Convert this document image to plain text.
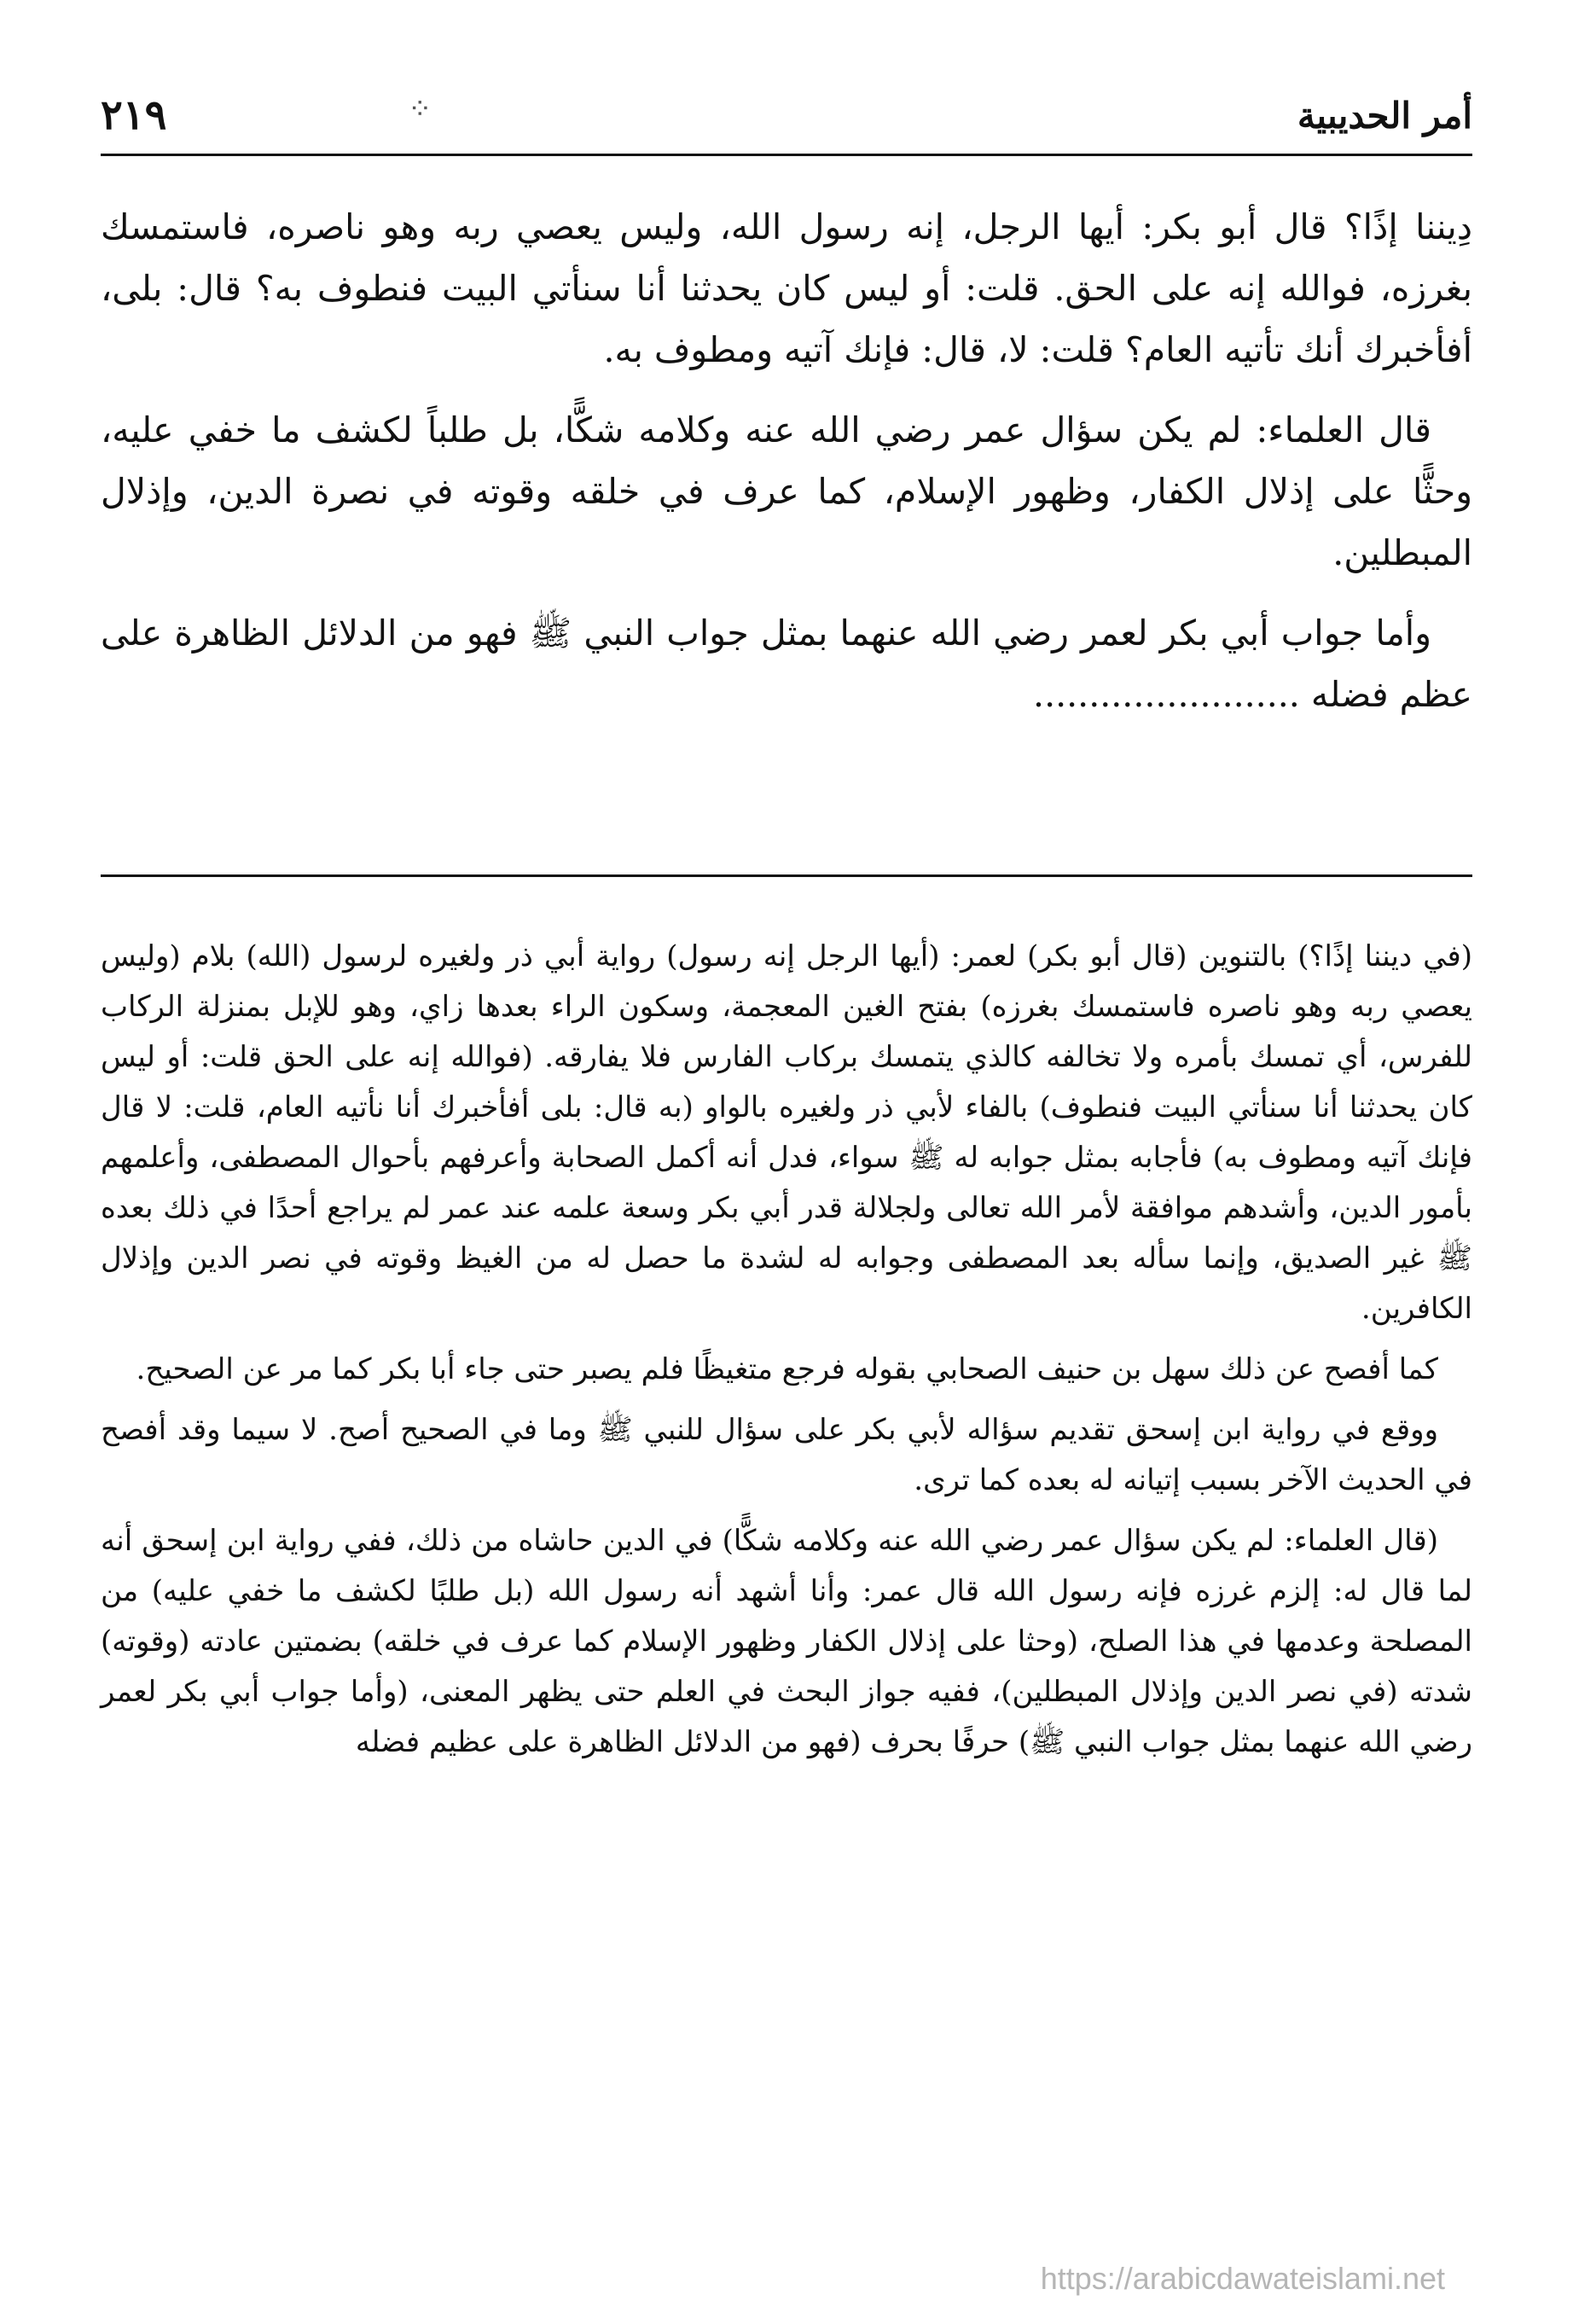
٢١٩	⁘	أمر الحديبية

دِيننا إذًا؟ قال أبو بكر: أيها الرجل، إنه رسول الله، وليس يعصي ربه وهو ناصره، فاستمسك بغرزه، فوالله إنه على الحق. قلت: أو ليس كان يحدثنا أنا سنأتي البيت فنطوف به؟ قال: بلى، أفأخبرك أنك تأتيه العام؟ قلت: لا، قال: فإنك آتيه ومطوف به.

قال العلماء: لم يكن سؤال عمر رضي الله عنه وكلامه شكًّا، بل طلباً لكشف ما خفي عليه، وحثًّا على إذلال الكفار، وظهور الإسلام، كما عرف في خلقه وقوته في نصرة الدين، وإذلال المبطلين.

وأما جواب أبي بكر لعمر رضي الله عنهما بمثل جواب النبي ﷺ فهو من الدلائل الظاهرة على عظم فضله ........................

(في ديننا إذًا؟) بالتنوين (قال أبو بكر) لعمر: (أيها الرجل إنه رسول) رواية أبي ذر ولغيره لرسول (الله) بلام (وليس يعصي ربه وهو ناصره فاستمسك بغرزه) بفتح الغين المعجمة، وسكون الراء بعدها زاي، وهو للإبل بمنزلة الركاب للفرس، أي تمسك بأمره ولا تخالفه كالذي يتمسك بركاب الفارس فلا يفارقه. (فوالله إنه على الحق قلت: أو ليس كان يحدثنا أنا سنأتي البيت فنطوف) بالفاء لأبي ذر ولغيره بالواو (به قال: بلى أفأخبرك أنا نأتيه العام، قلت: لا قال فإنك آتيه ومطوف به) فأجابه بمثل جوابه له ﷺ سواء، فدل أنه أكمل الصحابة وأعرفهم بأحوال المصطفى، وأعلمهم بأمور الدين، وأشدهم موافقة لأمر الله تعالى ولجلالة قدر أبي بكر وسعة علمه عند عمر لم يراجع أحدًا في ذلك بعده ﷺ غير الصديق، وإنما سأله بعد المصطفى وجوابه له لشدة ما حصل له من الغيظ وقوته في نصر الدين وإذلال الكافرين.

كما أفصح عن ذلك سهل بن حنيف الصحابي بقوله فرجع متغيظًا فلم يصبر حتى جاء أبا بكر كما مر عن الصحيح.

ووقع في رواية ابن إسحق تقديم سؤاله لأبي بكر على سؤال للنبي ﷺ وما في الصحيح أصح. لا سيما وقد أفصح في الحديث الآخر بسبب إتيانه له بعده كما ترى.

(قال العلماء: لم يكن سؤال عمر رضي الله عنه وكلامه شكًّا) في الدين حاشاه من ذلك، ففي رواية ابن إسحق أنه لما قال له: إلزم غرزه فإنه رسول الله قال عمر: وأنا أشهد أنه رسول الله (بل طلبًا لكشف ما خفي عليه) من المصلحة وعدمها في هذا الصلح، (وحثا على إذلال الكفار وظهور الإسلام كما عرف في خلقه) بضمتين عادته (وقوته) شدته (في نصر الدين وإذلال المبطلين)، ففيه جواز البحث في العلم حتى يظهر المعنى، (وأما جواب أبي بكر لعمر رضي الله عنهما بمثل جواب النبي ﷺ) حرفًا بحرف (فهو من الدلائل الظاهرة على عظيم فضله

https://arabicdawateislami.net
